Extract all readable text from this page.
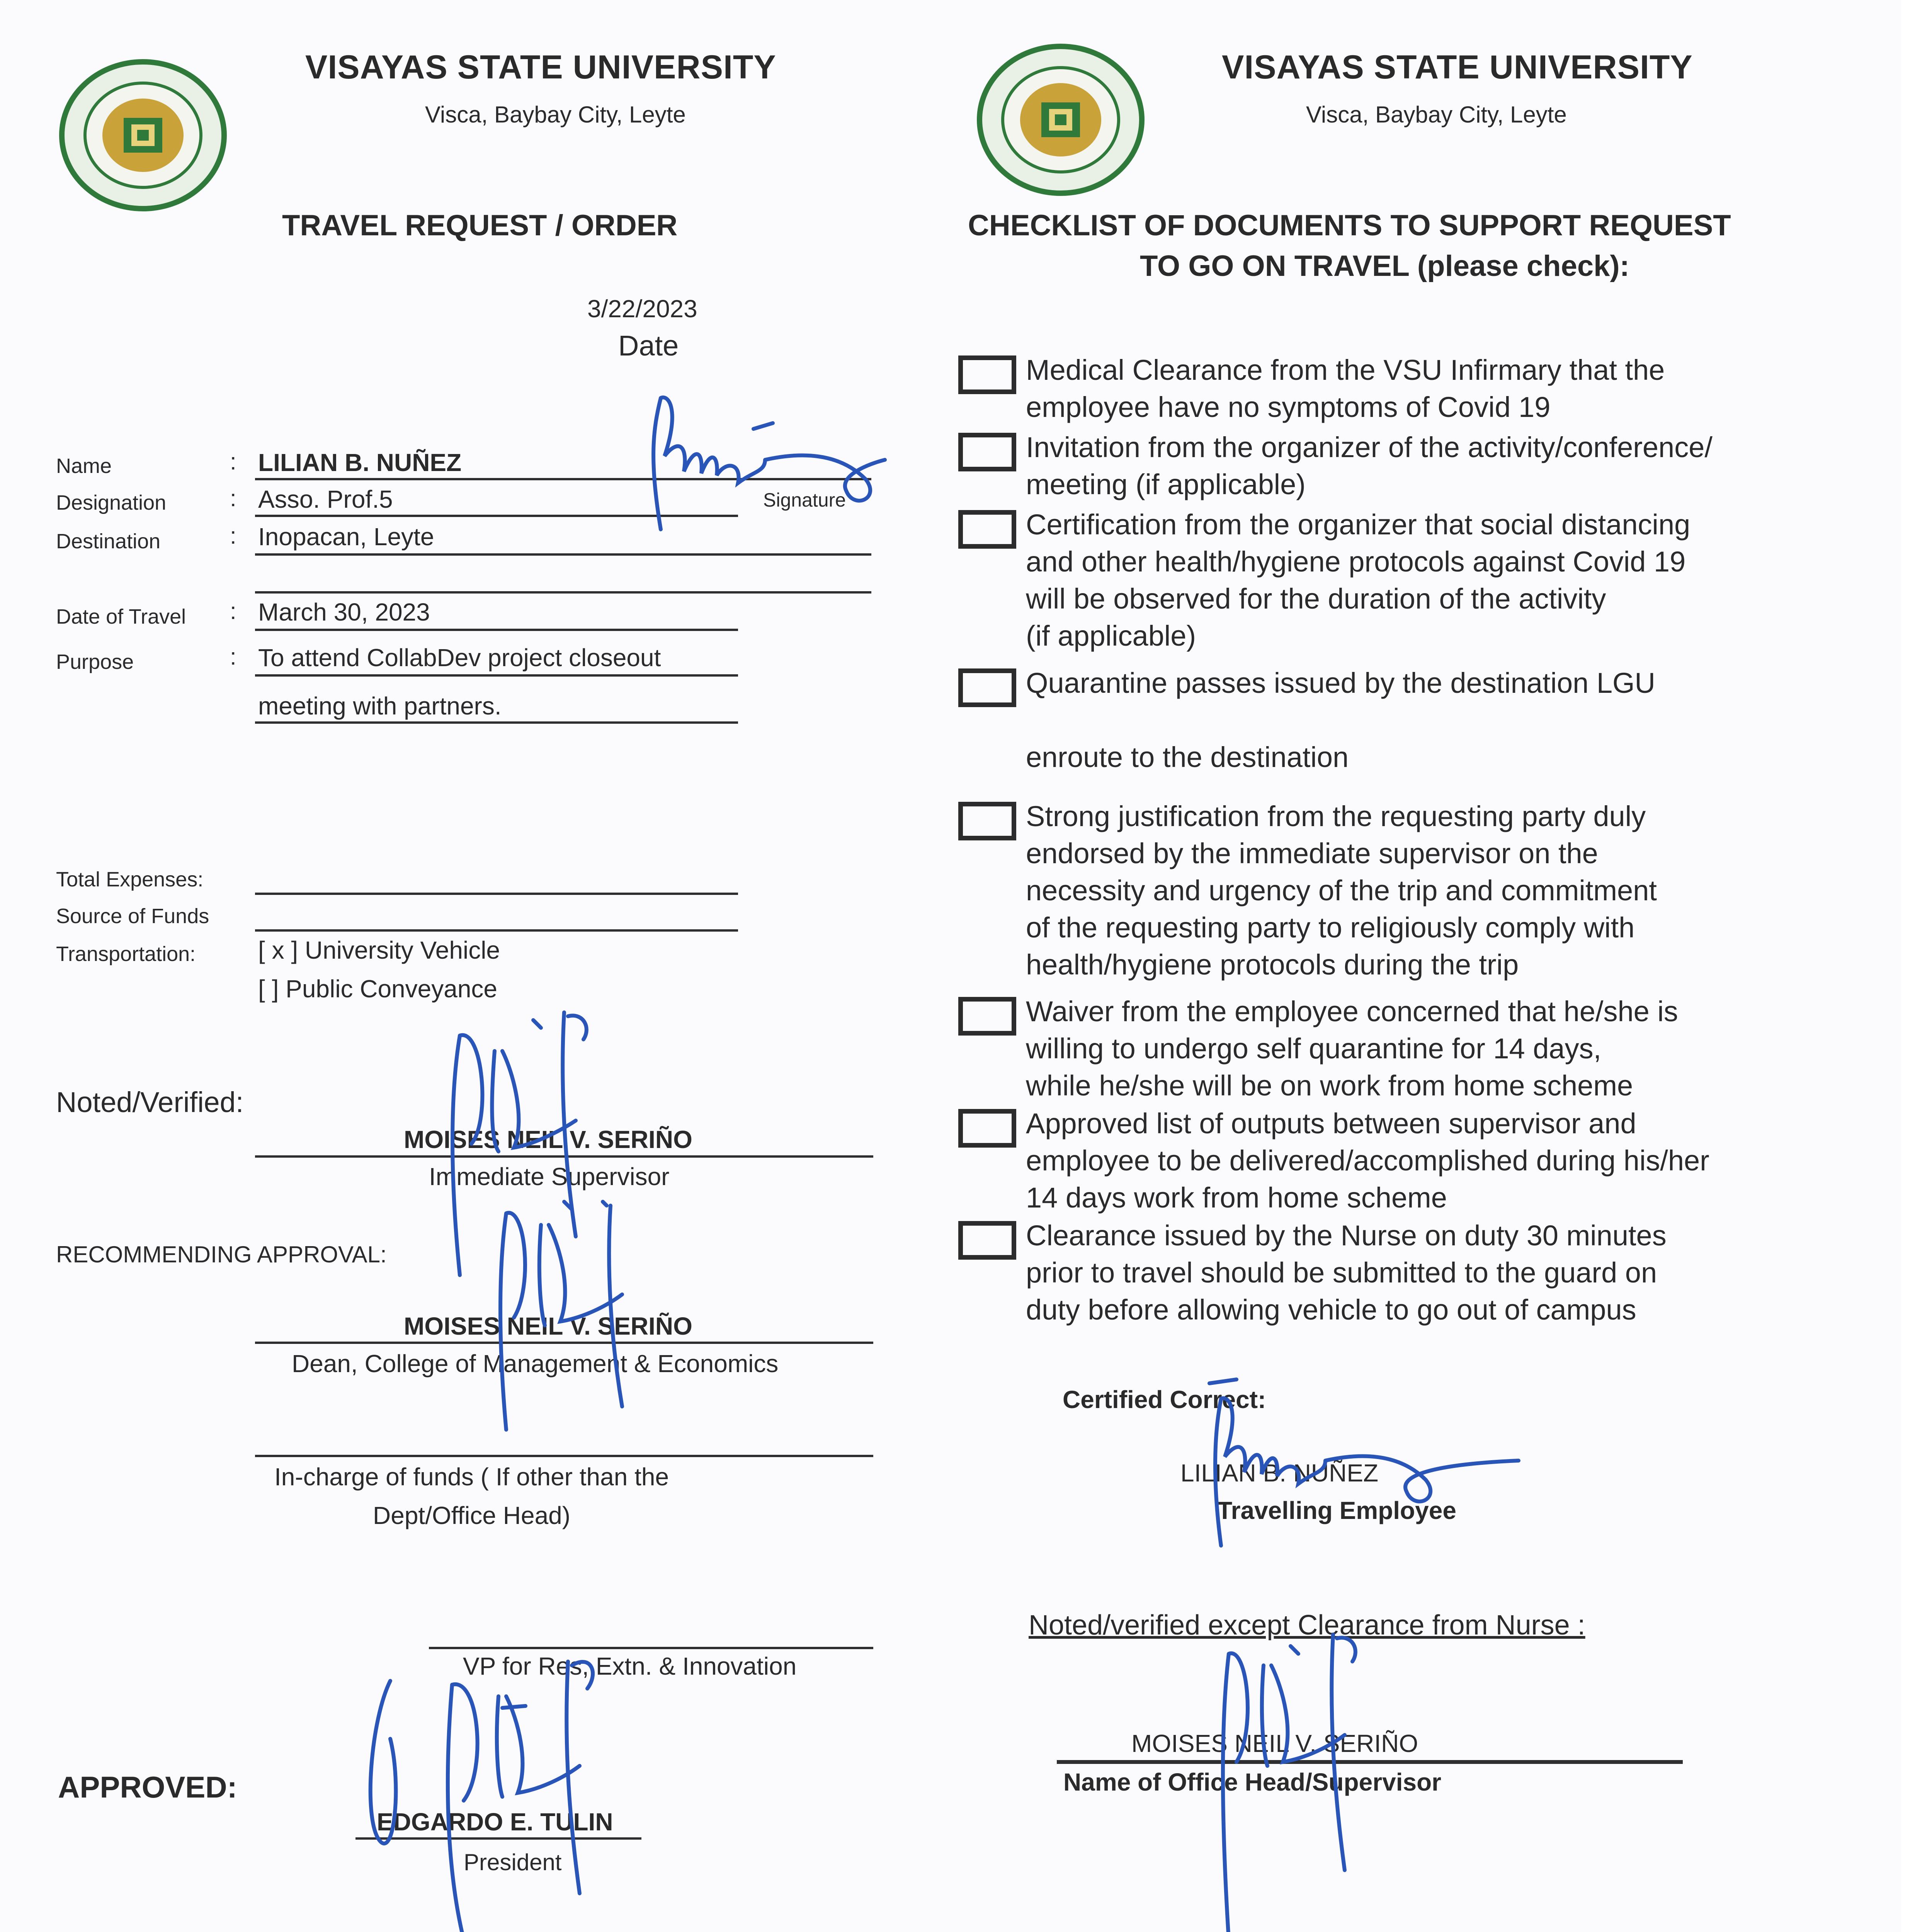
VISAYAS STATE UNIVERSITY
Visca, Baybay City, Leyte
TRAVEL REQUEST / ORDER
3/22/2023
Date
Name	: LILIAN B. NUÑEZ
Signature
Designation	: Asso. Prof.5
Destination	: Inopacan, Leyte
Date of Travel : March 30, 2023
Purpose	: To attend CollabDev project closeout
meeting with partners.
Total Expenses:
Source of Funds
Transportation:	[ x ] University Vehicle
[ ] Public Conveyance
Noted/Verified:
MOISES NEIL V. SERIÑO
Immediate Supervisor
RECOMMENDING APPROVAL:
MOISES NEIL V. SERIÑO
Dean, College of Management & Economics
In-charge of funds ( If other than the
Dept/Office Head)
VP for Res, Extn. & Innovation
APPROVED:
EDGARDO E. TULIN
President
VISAYAS STATE UNIVERSITY
Visca, Baybay City, Leyte
CHECKLIST OF DOCUMENTS TO SUPPORT REQUEST
TO GO ON TRAVEL (please check):
Medical Clearance from the VSU Infirmary that the
employee have no symptoms of Covid 19
Invitation from the organizer of the activity/conference/
meeting (if applicable)
Certification from the organizer that social distancing
and other health/hygiene protocols against Covid 19
will be observed for the duration of the activity
(if applicable)
Quarantine passes issued by the destination LGU
enroute to the destination
Strong justification from the requesting party duly
endorsed by the immediate supervisor on the
necessity and urgency of the trip and commitment
of the requesting party to religiously comply with
health/hygiene protocols during the trip
Waiver from the employee concerned that he/she is
willing to undergo self quarantine for 14 days,
while he/she will be on work from home scheme
Approved list of outputs between supervisor and
employee to be delivered/accomplished during his/her
14 days work from home scheme
Clearance issued by the Nurse on duty 30 minutes
prior to travel should be submitted to the guard on
duty before allowing vehicle to go out of campus
Certified Correct:
LILIAN B. NUÑEZ
Travelling Employee
Noted/verified except Clearance from Nurse :
MOISES NEIL V. SERIÑO
Name of Office Head/Supervisor
